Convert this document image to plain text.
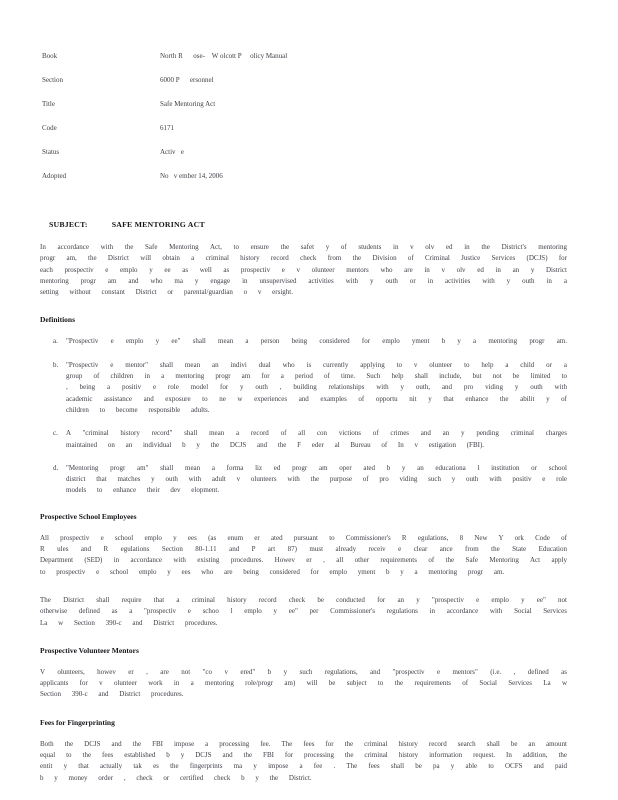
Book	North R      ose-    W olcott P     olicy Manual
Section	6000 P      ersonnel
Title	Safe Mentoring Act
Code	6171
Status	Activ   e
Adopted	No   v ember 14, 2006
SUBJECT:	SAFE MENTORING ACT

In accordance with the Safe Mentoring Act, to ensure the safet y of students in v olv ed in the District's mentoring progr am, the District will obtain a criminal history record check from the Division of Criminal Justice Services (DCJS) for each prospectiv e emplo y ee as well as prospectiv e v olunteer mentors who are in v olv ed in an y District mentoring progr am and who ma y engage in unsupervised activities with y outh or in activities with y outh in a setting without constant District or parental/guardian o v ersight.

Definitions
a.	"Prospectiv e emplo y ee" shall mean a person being considered for emplo yment b y a mentoring progr am.
b.	"Prospectiv e mentor" shall mean an indivi dual who is currently applying to v olunteer to help a child or a group of children in a mentoring progr am for a period of time. Such help shall include, but not be limited to , being a positiv e role model for y outh , building relationships with y outh, and pro viding y outh with academic assistance and exposure to ne w experiences and examples of opportu nit y that enhance the abilit y of children to become responsible adults.
c.	A "criminal history record" shall mean a record of all con victions of crimes and an y pending criminal charges maintained on an individual b y the DCJS and the F eder al Bureau of In v estigation (FBI).
d.	"Mentoring progr am" shall mean a forma liz ed progr am oper ated b y an educationa l institution or school district that matches y outh with adult v olunteers with the purpose of pro viding such y outh with positiv e role models to enhance their dev elopment.
Prospective School Employees

All prospectiv e school emplo y ees (as enum er ated pursuant to Commissioner's R egulations, 8 New Y ork Code of R ules and R egulations Section 80-1.11 and P art 87) must already receiv e clear ance from the State Education Department (SED) in accordance with existing procedures. Howev er , all other requirements of the Safe Mentoring Act apply to prospectiv e school emplo y ees who are being considered for emplo yment b y a mentoring progr am.

The District shall require that a criminal history record check be conducted for an y "prospectiv e emplo y ee" not otherwise defined as a "prospectiv e schoo l emplo y ee" per Commissioner's regulations in accordance with Social Services La w Section 390-c and District procedures.

Prospective Volunteer Mentors

V olunteers, howev er , are not "co v ered" b y such regulations, and "prospectiv e mentors" (i.e. , defined as applicants for v olunteer work in a mentoring role/progr am) will be subject to the requirements of Social Services La w Section 390-c and District procedures.

Fees for Fingerprinting

Both the DCJS and the FBI impose a processing fee. The fees for the criminal history record search shall be an amount equal to the fees established b y DCJS and the FBI for processing the criminal history information request. In addition, the entit y that actually tak es the fingerprints ma y impose a fee . The fees shall be pa y able to OCFS and paid b y money order , check or certified check b y the District.
